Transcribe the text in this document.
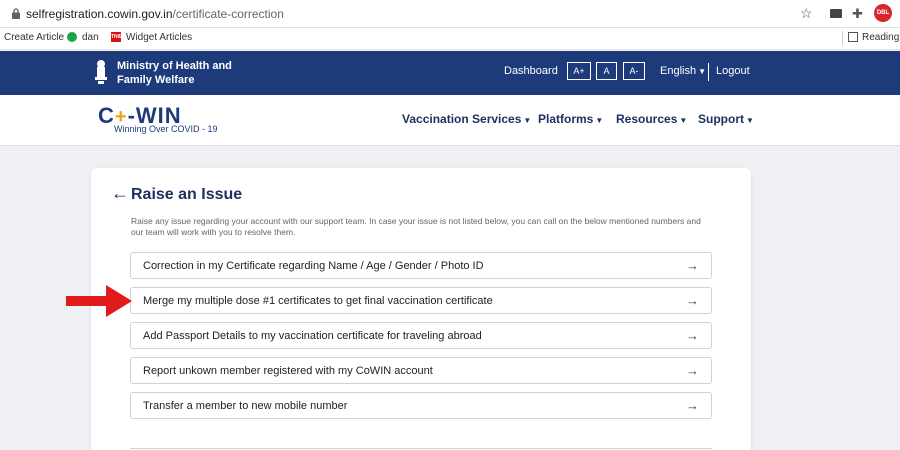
selfregistration.cowin.gov.in/certificate-correction	☆	✚	DBL
Create Article	dan TNIE Widget Articles	Reading
Ministry of Health and
Family Welfare
Dashboard	A+	A	A-	English ▼ Logout
C+-WIN
Winning Over COVID - 19
Vaccination Services ▼ Platforms ▼ Resources ▼ Support ▼
← Raise an Issue
Raise any issue regarding your account with our support team. In case your issue is not listed below, you can call on the below mentioned numbers and our team will work with you to resolve them.
Correction in my Certificate regarding Name / Age / Gender / Photo ID	→
Merge my multiple dose #1 certificates to get final vaccination certificate	→
Add Passport Details to my vaccination certificate for traveling abroad	→
Report unkown member registered with my CoWIN account	→
Transfer a member to new mobile number	→
